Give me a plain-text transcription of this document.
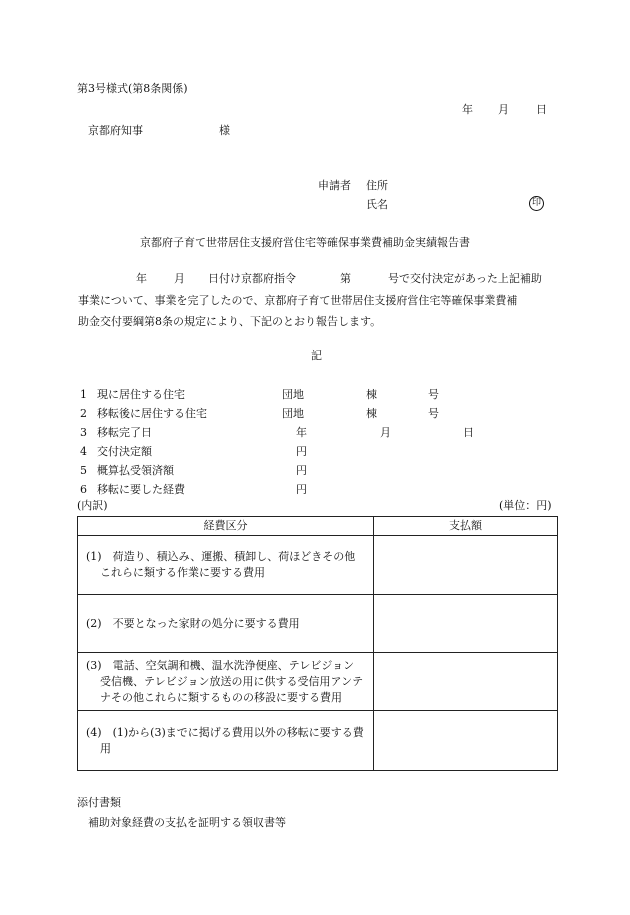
第3号様式(第8条関係)
年 月 日
京都府知事	様
申請者 住所
氏名	印
京都府子育て世帯居住支援府営住宅等確保事業費補助金実績報告書
年 月 日付け京都府指令	第	号で交付決定があった上記補助
事業について、事業を完了したので、京都府子育て世帯居住支援府営住宅等確保事業費補
助金交付要綱第8条の規定により、下記のとおり報告します。
記
1 現に居住する住宅	団地	棟	号
2 移転後に居住する住宅	団地	棟	号
3 移転完了日	年	月	日
4 交付決定額	円
5 概算払受領済額	円
6 移転に要した経費	円
(内訳)	(単位：円)
経費区分	支払額

(1)　荷造り、積込み、運搬、積卸し、荷ほどきその他これらに類する作業に要する費用	

(2)　不要となった家財の処分に要する費用	

(3)　電話、空気調和機、温水洗浄便座、テレビジョン受信機、テレビジョン放送の用に供する受信用アンテナその他これらに類するものの移設に要する費用	

(4)　(1)から(3)までに掲げる費用以外の移転に要する費用	

添付書類
補助対象経費の支払を証明する領収書等
